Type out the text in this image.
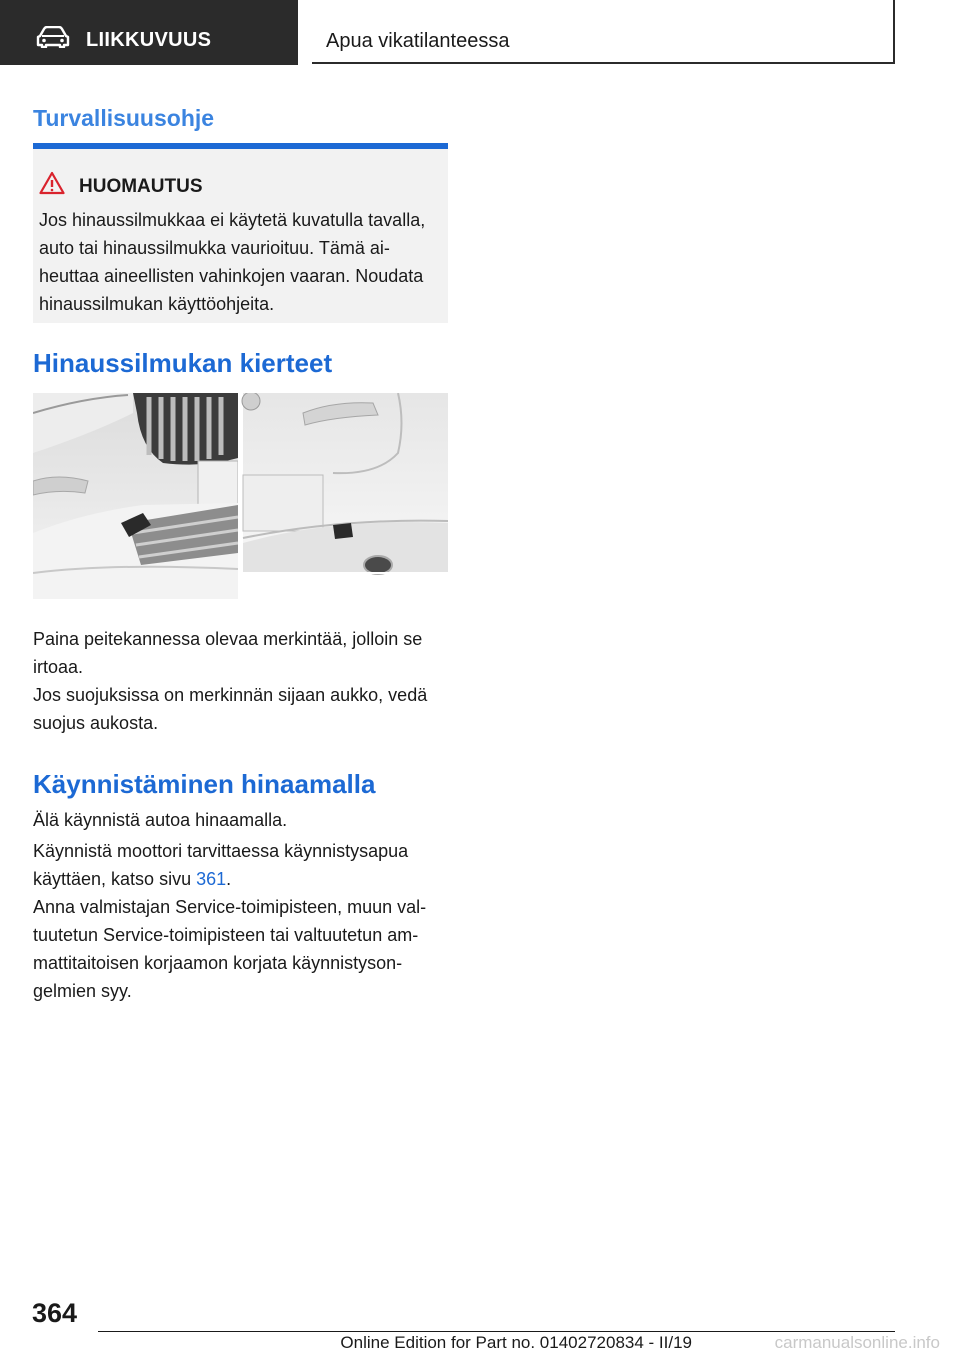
LIIKKUVUUS	Apua vikatilanteessa
Turvallisuusohje
HUOMAUTUS
Jos hinaussilmukkaa ei käytetä kuvatulla tavalla,
auto tai hinaussilmukka vaurioituu. Tämä ai-
heuttaa aineellisten vahinkojen vaaran. Noudata
hinaussilmukan käyttöohjeita.
Hinaussilmukan kierteet
Paina peitekannessa olevaa merkintää, jolloin se
irtoaa.
Jos suojuksissa on merkinnän sijaan aukko, vedä
suojus aukosta.
Käynnistäminen hinaamalla
Älä käynnistä autoa hinaamalla.
Käynnistä moottori tarvittaessa käynnistysapua
käyttäen, katso sivu 361.
Anna valmistajan Service-toimipisteen, muun val-
tuutetun Service-toimipisteen tai valtuutetun am-
mattitaitoisen korjaamon korjata käynnistyson-
gelmien syy.
364
Online Edition for Part no. 01402720834 - II/19	carmanualsonline.info
